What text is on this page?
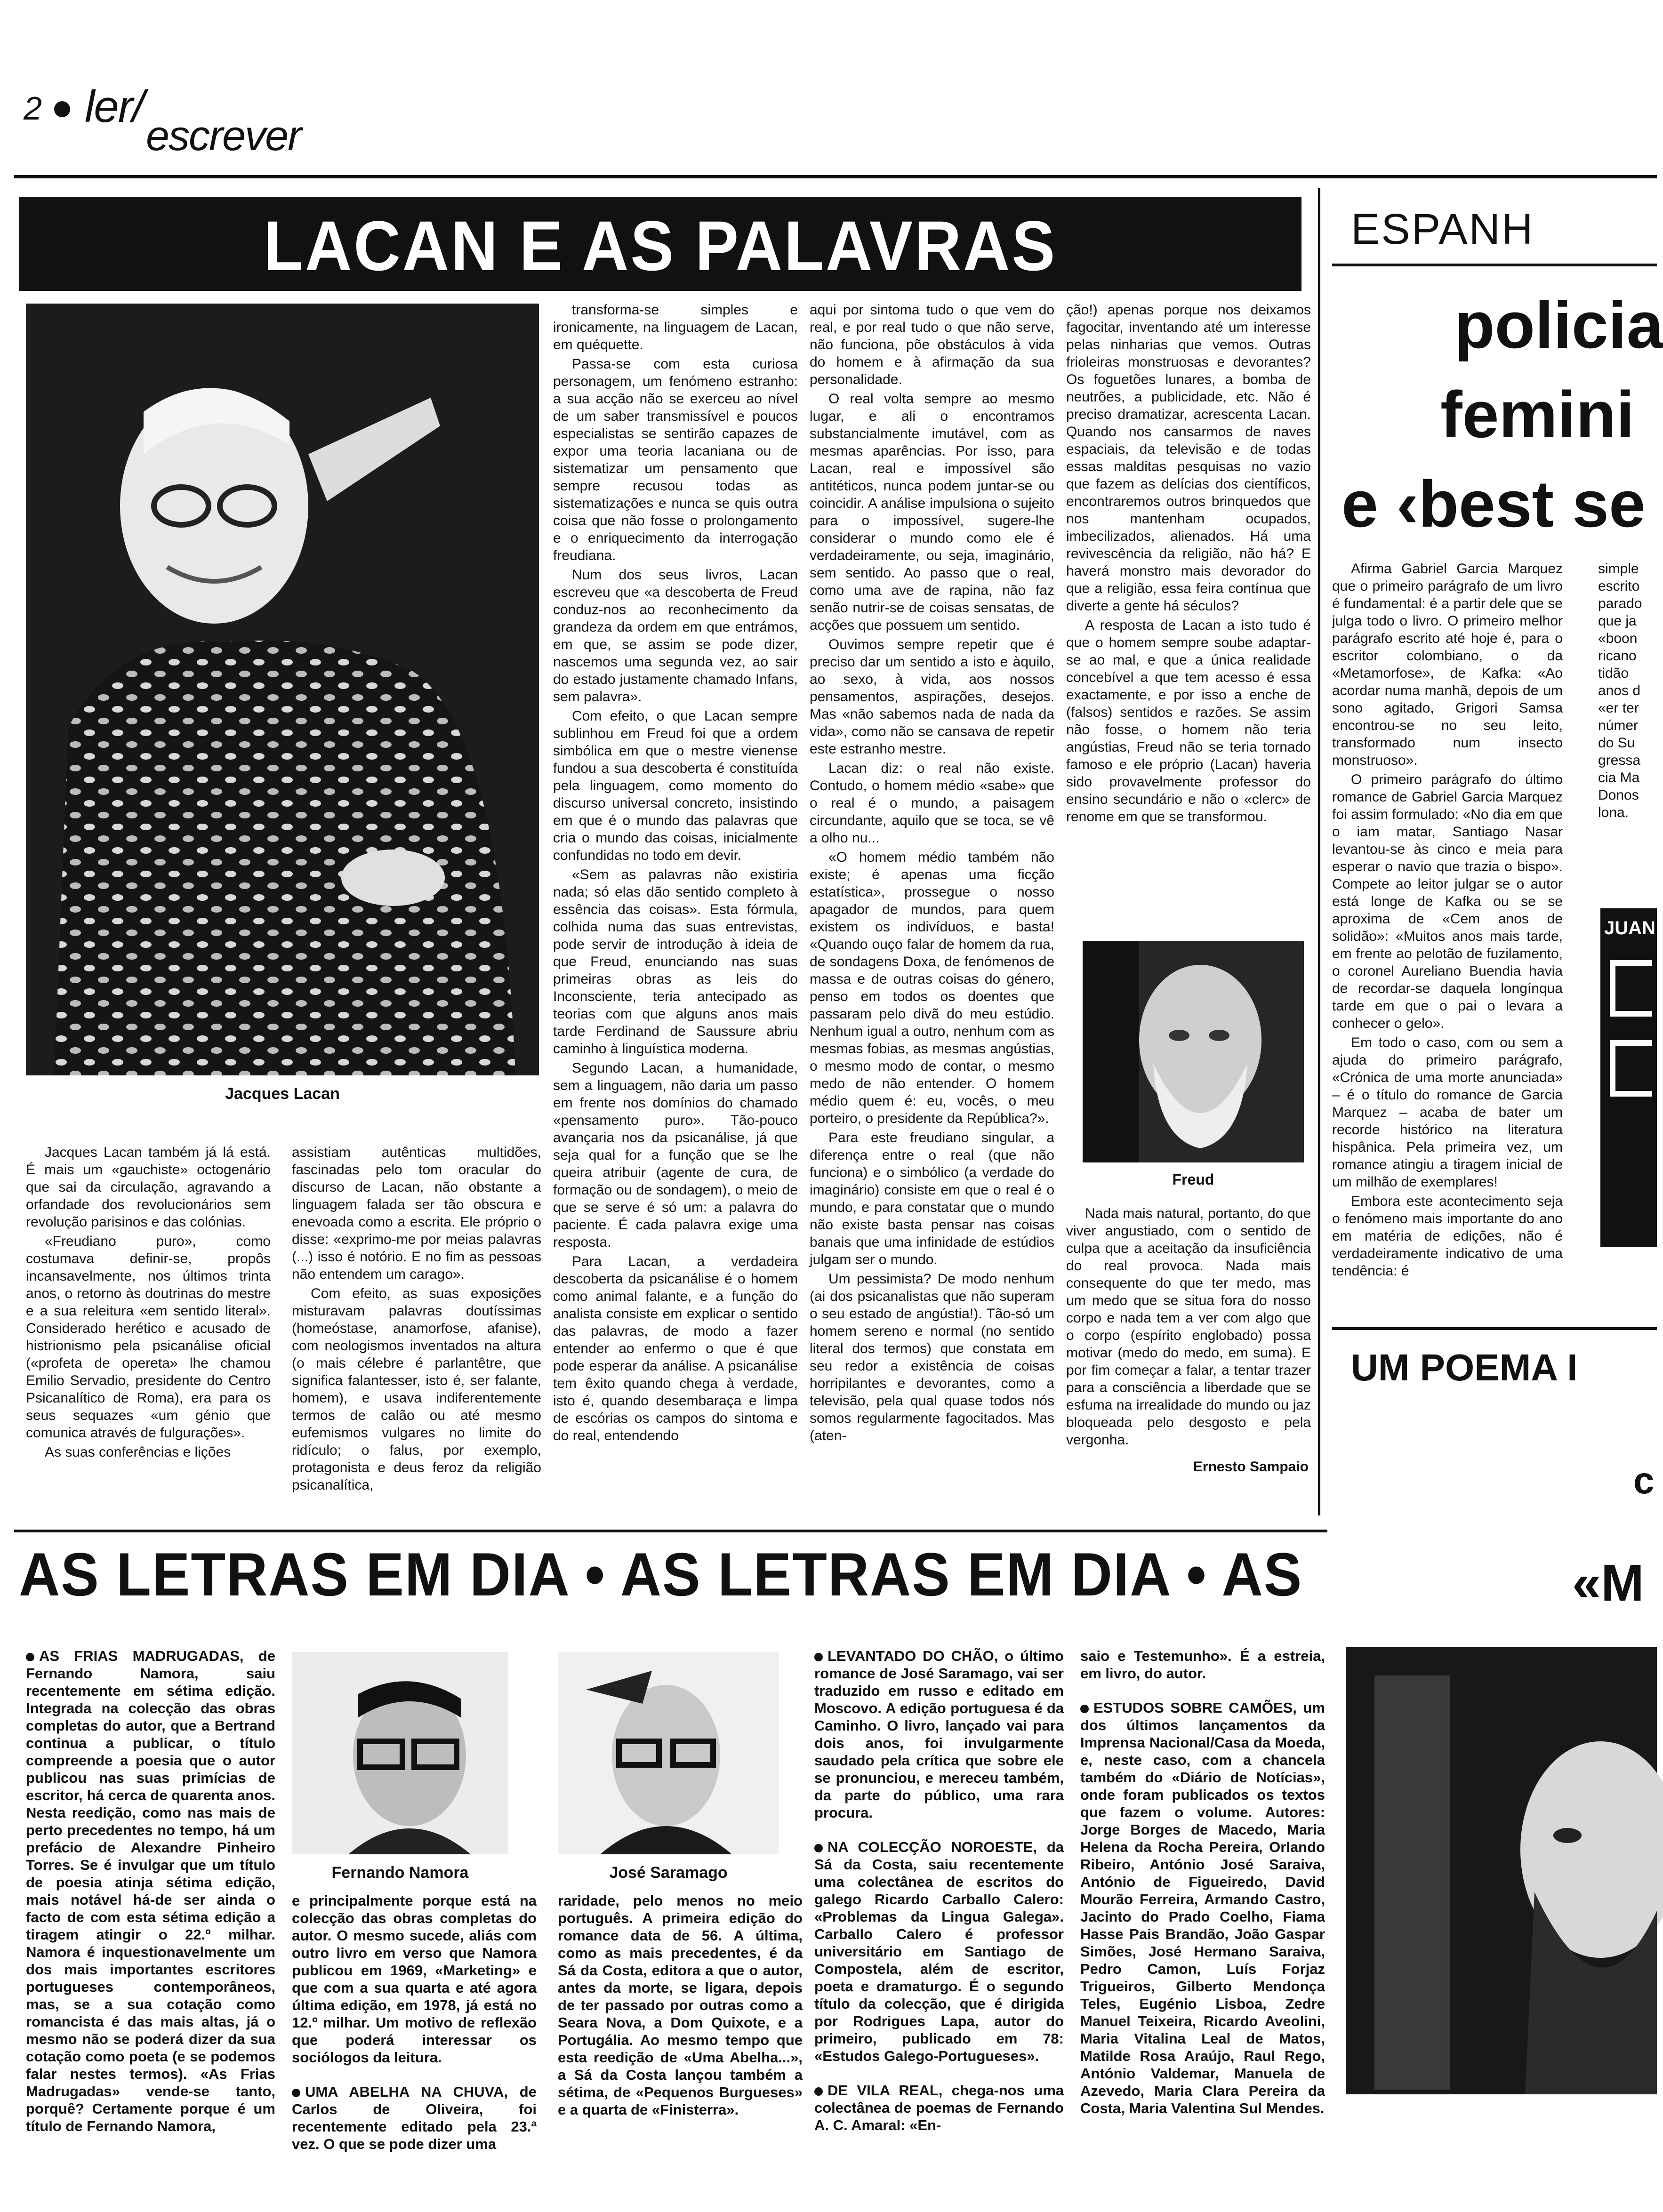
2 ler/
escrever
LACAN E AS PALAVRAS
Jacques Lacan

Jacques Lacan também já lá está. É mais um «gauchiste» octogenário que sai da circulação, agravando a orfandade dos revolucionários sem revolução parisinos e das colónias.

«Freudiano puro», como costumava definir-se, propôs incansavelmente, nos últimos trinta anos, o retorno às doutrinas do mestre e a sua releitura «em sentido literal». Considerado herético e acusado de histrionismo pela psicanálise oficial («profeta de opereta» lhe chamou Emilio Servadio, presidente do Centro Psicanalítico de Roma), era para os seus sequazes «um génio que comunica através de fulgurações».

As suas conferências e lições

assistiam autênticas multidões, fascinadas pelo tom oracular do discurso de Lacan, não obstante a linguagem falada ser tão obscura e enevoada como a escrita. Ele próprio o disse: «exprimo-me por meias palavras (...) isso é notório. E no fim as pessoas não entendem um carago».

Com efeito, as suas exposições misturavam palavras doutíssimas (homeóstase, anamorfose, afanise), com neologismos inventados na altura (o mais célebre é parlantêtre, que significa falantesser, isto é, ser falante, homem), e usava indiferentemente termos de calão ou até mesmo eufemismos vulgares no limite do ridículo; o falus, por exemplo, protagonista e deus feroz da religião psicanalítica,

transforma-se simples e ironicamente, na linguagem de Lacan, em quéquette.

Passa-se com esta curiosa personagem, um fenómeno estranho: a sua acção não se exerceu ao nível de um saber transmissível e poucos especialistas se sentirão capazes de expor uma teoria lacaniana ou de sistematizar um pensamento que sempre recusou todas as sistematizações e nunca se quis outra coisa que não fosse o prolongamento e o enriquecimento da interrogação freudiana.

Num dos seus livros, Lacan escreveu que «a descoberta de Freud conduz-nos ao reconhecimento da grandeza da ordem em que entrámos, em que, se assim se pode dizer, nascemos uma segunda vez, ao sair do estado justamente chamado Infans, sem palavra».

Com efeito, o que Lacan sempre sublinhou em Freud foi que a ordem simbólica em que o mestre vienense fundou a sua descoberta é constituída pela linguagem, como momento do discurso universal concreto, insistindo em que é o mundo das palavras que cria o mundo das coisas, inicialmente confundidas no todo em devir.

«Sem as palavras não existiria nada; só elas dão sentido completo à essência das coisas». Esta fórmula, colhida numa das suas entrevistas, pode servir de introdução à ideia de que Freud, enunciando nas suas primeiras obras as leis do Inconsciente, teria antecipado as teorias com que alguns anos mais tarde Ferdinand de Saussure abriu caminho à linguística moderna.

Segundo Lacan, a humanidade, sem a linguagem, não daria um passo em frente nos domínios do chamado «pensamento puro». Tão-pouco avançaria nos da psicanálise, já que seja qual for a função que se lhe queira atribuir (agente de cura, de formação ou de sondagem), o meio de que se serve é só um: a palavra do paciente. É cada palavra exige uma resposta.

Para Lacan, a verdadeira descoberta da psicanálise é o homem como animal falante, e a função do analista consiste em explicar o sentido das palavras, de modo a fazer entender ao enfermo o que é que pode esperar da análise. A psicanálise tem êxito quando chega à verdade, isto é, quando desembaraça e limpa de escórias os campos do sintoma e do real, entendendo

aqui por sintoma tudo o que vem do real, e por real tudo o que não serve, não funciona, põe obstáculos à vida do homem e à afirmação da sua personalidade.

O real volta sempre ao mesmo lugar, e ali o encontramos substancialmente imutável, com as mesmas aparências. Por isso, para Lacan, real e impossível são antitéticos, nunca podem juntar-se ou coincidir. A análise impulsiona o sujeito para o impossível, sugere-lhe considerar o mundo como ele é verdadeiramente, ou seja, imaginário, sem sentido. Ao passo que o real, como uma ave de rapina, não faz senão nutrir-se de coisas sensatas, de acções que possuem um sentido.

Ouvimos sempre repetir que é preciso dar um sentido a isto e àquilo, ao sexo, à vida, aos nossos pensamentos, aspirações, desejos. Mas «não sabemos nada de nada da vida», como não se cansava de repetir este estranho mestre.

Lacan diz: o real não existe. Contudo, o homem médio «sabe» que o real é o mundo, a paisagem circundante, aquilo que se toca, se vê a olho nu...

«O homem médio também não existe; é apenas uma ficção estatística», prossegue o nosso apagador de mundos, para quem existem os indivíduos, e basta! «Quando ouço falar de homem da rua, de sondagens Doxa, de fenómenos de massa e de outras coisas do género, penso em todos os doentes que passaram pelo divã do meu estúdio. Nenhum igual a outro, nenhum com as mesmas fobias, as mesmas angústias, o mesmo modo de contar, o mesmo medo de não entender. O homem médio quem é: eu, vocês, o meu porteiro, o presidente da República?».

Para este freudiano singular, a diferença entre o real (que não funciona) e o simbólico (a verdade do imaginário) consiste em que o real é o mundo, e para constatar que o mundo não existe basta pensar nas coisas banais que uma infinidade de estúdios julgam ser o mundo.

Um pessimista? De modo nenhum (ai dos psicanalistas que não superam o seu estado de angústia!). Tão-só um homem sereno e normal (no sentido literal dos termos) que constata em seu redor a existência de coisas horripilantes e devorantes, como a televisão, pela qual quase todos nós somos regularmente fagocitados. Mas (aten-

ção!) apenas porque nos deixamos fagocitar, inventando até um interesse pelas ninharias que vemos. Outras frioleiras monstruosas e devorantes? Os foguetões lunares, a bomba de neutrões, a publicidade, etc. Não é preciso dramatizar, acrescenta Lacan. Quando nos cansarmos de naves espaciais, da televisão e de todas essas malditas pesquisas no vazio que fazem as delícias dos científicos, encontraremos outros brinquedos que nos mantenham ocupados, imbecilizados, alienados. Há uma revivescência da religião, não há? E haverá monstro mais devorador do que a religião, essa feira contínua que diverte a gente há séculos?

A resposta de Lacan a isto tudo é que o homem sempre soube adaptar-se ao mal, e que a única realidade concebível a que tem acesso é essa exactamente, e por isso a enche de (falsos) sentidos e razões. Se assim não fosse, o homem não teria angústias, Freud não se teria tornado famoso e ele próprio (Lacan) haveria sido provavelmente professor do ensino secundário e não o «clerc» de renome em que se transformou.

Freud

Nada mais natural, portanto, do que viver angustiado, com o sentido de culpa que a aceitação da insuficiência do real provoca. Nada mais consequente do que ter medo, mas um medo que se situa fora do nosso corpo e nada tem a ver com algo que o corpo (espírito englobado) possa motivar (medo do medo, em suma). E por fim começar a falar, a tentar trazer para a consciência a liberdade que se esfuma na irrealidade do mundo ou jaz bloqueada pelo desgosto e pela vergonha.

Ernesto Sampaio
ESPANH
policia
femini
e ‹best se

Afirma Gabriel Garcia Marquez que o primeiro parágrafo de um livro é fundamental: é a partir dele que se julga todo o livro. O primeiro melhor parágrafo escrito até hoje é, para o escritor colombiano, o da «Metamorfose», de Kafka: «Ao acordar numa manhã, depois de um sono agitado, Grigori Samsa encontrou-se no seu leito, transformado num insecto monstruoso».

O primeiro parágrafo do último romance de Gabriel Garcia Marquez foi assim formulado: «No dia em que o iam matar, Santiago Nasar levantou-se às cinco e meia para esperar o navio que trazia o bispo». Compete ao leitor julgar se o autor está longe de Kafka ou se se aproxima de «Cem anos de solidão»: «Muitos anos mais tarde, em frente ao pelotão de fuzilamento, o coronel Aureliano Buendia havia de recordar-se daquela longínqua tarde em que o pai o levara a conhecer o gelo».

Em todo o caso, com ou sem a ajuda do primeiro parágrafo, «Crónica de uma morte anunciada» – é o título do romance de Garcia Marquez – acaba de bater um recorde histórico na literatura hispânica. Pela primeira vez, um romance atingiu a tiragem inicial de um milhão de exemplares!

Embora este acontecimento seja o fenómeno mais importante do ano em matéria de edições, não é verdadeiramente indicativo de uma tendência: é

simple
escrito
parado
que ja
«boon
ricano
tidão
anos d
«er ter
númer
do Su
gressa
cia Ma
Donos
lona.
JUAN
UM POEMA I
c
«M
AS LETRAS EM DIA • AS LETRAS EM DIA • AS

AS FRIAS MADRUGADAS, de Fernando Namora, saiu recentemente em sétima edição. Integrada na colecção das obras completas do autor, que a Bertrand continua a publicar, o título compreende a poesia que o autor publicou nas suas primícias de escritor, há cerca de quarenta anos. Nesta reedição, como nas mais de perto precedentes no tempo, há um prefácio de Alexandre Pinheiro Torres. Se é invulgar que um título de poesia atinja sétima edição, mais notável há-de ser ainda o facto de com esta sétima edição a tiragem atingir o 22.º milhar. Namora é inquestionavelmente um dos mais importantes escritores portugueses contemporâneos, mas, se a sua cotação como romancista é das mais altas, já o mesmo não se poderá dizer da sua cotação como poeta (e se podemos falar nestes termos). «As Frias Madrugadas» vende-se tanto, porquê? Certamente porque é um título de Fernando Namora,

Fernando Namora	José Saramago

e principalmente porque está na colecção das obras completas do autor. O mesmo sucede, aliás com outro livro em verso que Namora publicou em 1969, «Marketing» e que com a sua quarta e até agora última edição, em 1978, já está no 12.º milhar. Um motivo de reflexão que poderá interessar os sociólogos da leitura.

UMA ABELHA NA CHUVA, de Carlos de Oliveira, foi recentemente editado pela 23.ª vez. O que se pode dizer uma

raridade, pelo menos no meio português. A primeira edição do romance data de 56. A última, como as mais precedentes, é da Sá da Costa, editora a que o autor, antes da morte, se ligara, depois de ter passado por outras como a Seara Nova, a Dom Quixote, e a Portugália. Ao mesmo tempo que esta reedição de «Uma Abelha...», a Sá da Costa lançou também a sétima, de «Pequenos Burgueses» e a quarta de «Finisterra».

LEVANTADO DO CHÃO, o último romance de José Saramago, vai ser traduzido em russo e editado em Moscovo. A edição portuguesa é da Caminho. O livro, lançado vai para dois anos, foi invulgarmente saudado pela crítica que sobre ele se pronunciou, e mereceu também, da parte do público, uma rara procura.

NA COLECÇÃO NOROESTE, da Sá da Costa, saiu recentemente uma colectânea de escritos do galego Ricardo Carballo Calero: «Problemas da Lingua Galega». Carballo Calero é professor universitário em Santiago de Compostela, além de escritor, poeta e dramaturgo. É o segundo título da colecção, que é dirigida por Rodrigues Lapa, autor do primeiro, publicado em 78: «Estudos Galego-Portugueses».

DE VILA REAL, chega-nos uma colectânea de poemas de Fernando A. C. Amaral: «En-

saio e Testemunho». É a estreia, em livro, do autor.

ESTUDOS SOBRE CAMÕES, um dos últimos lançamentos da Imprensa Nacional/Casa da Moeda, e, neste caso, com a chancela também do «Diário de Notícias», onde foram publicados os textos que fazem o volume. Autores: Jorge Borges de Macedo, Maria Helena da Rocha Pereira, Orlando Ribeiro, António José Saraiva, António de Figueiredo, David Mourão Ferreira, Armando Castro, Jacinto do Prado Coelho, Fiama Hasse Pais Brandão, João Gaspar Simões, José Hermano Saraiva, Pedro Camon, Luís Forjaz Trigueiros, Gilberto Mendonça Teles, Eugénio Lisboa, Zedre Manuel Teixeira, Ricardo Aveolini, Maria Vitalina Leal de Matos, Matilde Rosa Araújo, Raul Rego, António Valdemar, Manuela de Azevedo, Maria Clara Pereira da Costa, Maria Valentina Sul Mendes.
